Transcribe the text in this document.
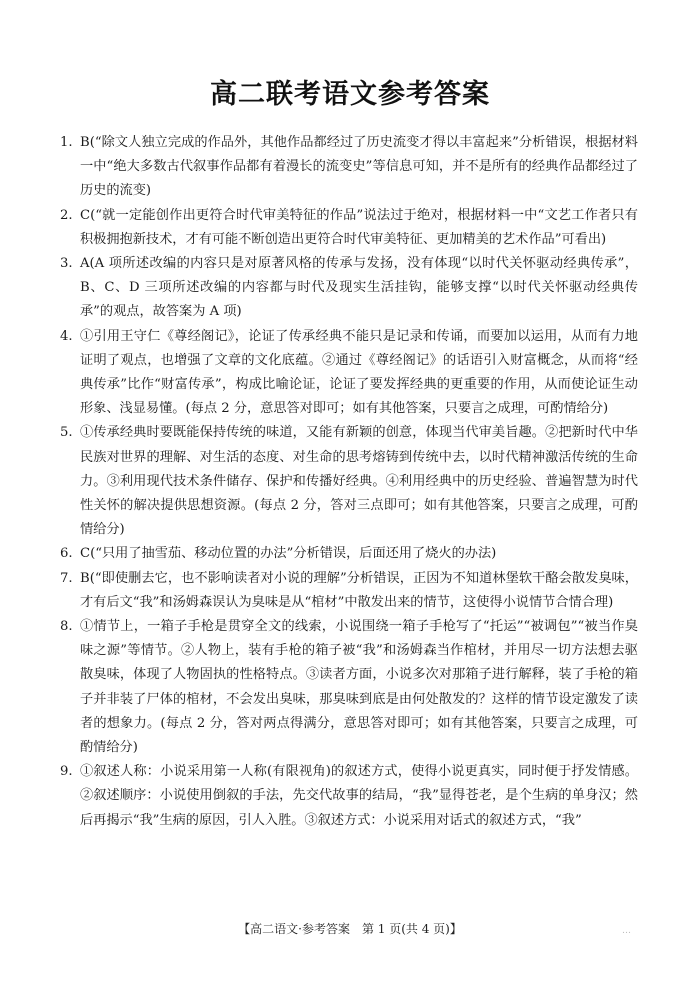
高二联考语文参考答案
1. B(“除文人独立完成的作品外，其他作品都经过了历史流变才得以丰富起来”分析错误，根据材料一中“绝大多数古代叙事作品都有着漫长的流变史”等信息可知，并不是所有的经典作品都经过了历史的流变)
2. C(“就一定能创作出更符合时代审美特征的作品”说法过于绝对，根据材料一中“文艺工作者只有积极拥抱新技术，才有可能不断创造出更符合时代审美特征、更加精美的艺术作品”可看出)
3. A(A 项所述改编的内容只是对原著风格的传承与发扬，没有体现“以时代关怀驱动经典传承”，B、C、D 三项所述改编的内容都与时代及现实生活挂钩，能够支撑“以时代关怀驱动经典传承”的观点，故答案为 A 项)
4. ①引用王守仁《尊经阁记》，论证了传承经典不能只是记录和传诵，而要加以运用，从而有力地证明了观点，也增强了文章的文化底蕴。②通过《尊经阁记》的话语引入财富概念，从而将“经典传承”比作“财富传承”，构成比喻论证，论证了要发挥经典的更重要的作用，从而使论证生动形象、浅显易懂。(每点 2 分，意思答对即可；如有其他答案，只要言之成理，可酌情给分)
5. ①传承经典时要既能保持传统的味道，又能有新颖的创意，体现当代审美旨趣。②把新时代中华民族对世界的理解、对生活的态度、对生命的思考熔铸到传统中去，以时代精神激活传统的生命力。③利用现代技术条件储存、保护和传播好经典。④利用经典中的历史经验、普遍智慧为时代性关怀的解决提供思想资源。(每点 2 分，答对三点即可；如有其他答案，只要言之成理，可酌情给分)
6. C(“只用了抽雪茄、移动位置的办法”分析错误，后面还用了烧火的办法)
7. B(“即使删去它，也不影响读者对小说的理解”分析错误，正因为不知道林堡软干酪会散发臭味，才有后文“我”和汤姆森误认为臭味是从“棺材”中散发出来的情节，这使得小说情节合情合理)
8. ①情节上，一箱子手枪是贯穿全文的线索，小说围绕一箱子手枪写了“托运”“被调包”“被当作臭味之源”等情节。②人物上，装有手枪的箱子被“我”和汤姆森当作棺材，并用尽一切方法想去驱散臭味，体现了人物固执的性格特点。③读者方面，小说多次对那箱子进行解释，装了手枪的箱子并非装了尸体的棺材，不会发出臭味，那臭味到底是由何处散发的？这样的情节设定激发了读者的想象力。(每点 2 分，答对两点得满分，意思答对即可；如有其他答案，只要言之成理，可酌情给分)
9. ①叙述人称：小说采用第一人称(有限视角)的叙述方式，使得小说更真实，同时便于抒发情感。②叙述顺序：小说使用倒叙的手法，先交代故事的结局，“我”显得苍老，是个生病的单身汉；然后再揭示“我”生病的原因，引人入胜。③叙述方式：小说采用对话式的叙述方式，“我”
【高二语文·参考答案　第 1 页(共 4 页)】	…
